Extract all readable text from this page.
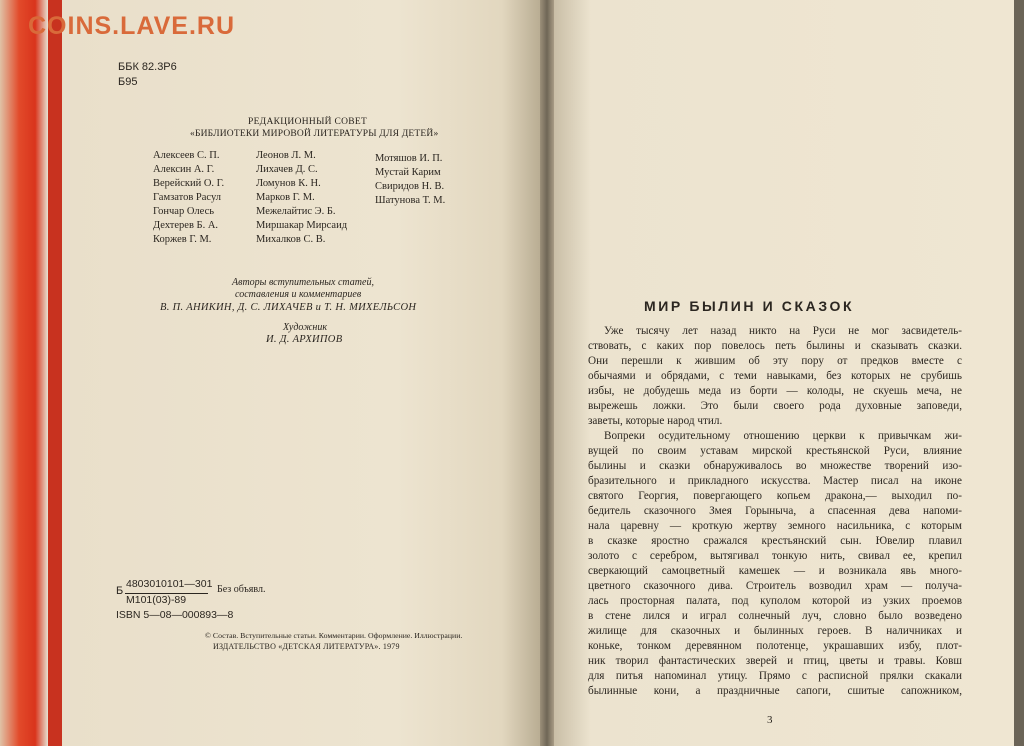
COINS.LAVE.RU
ББК 82.3Р6
Б95
РЕДАКЦИОННЫЙ СОВЕТ
«БИБЛИОТЕКИ МИРОВОЙ ЛИТЕРАТУРЫ ДЛЯ ДЕТЕЙ»
Алексеев С. П.
Алексин А. Г.
Верейский О. Г.
Гамзатов Расул
Гончар Олесь
Дехтерев Б. А.
Коржев Г. М.
Леонов Л. М.
Лихачев Д. С.
Ломунов К. Н.
Марков Г. М.
Межелайтис Э. Б.
Миршакар Мирсаид
Михалков С. В.
Мотяшов И. П.
Мустай Карим
Свиридов Н. В.
Шатунова Т. М.
Авторы вступительных статей,
составления и комментариев
В. П. АНИКИН, Д. С. ЛИХАЧЕВ и Т. Н. МИХЕЛЬСОН
Художник
И. Д. АРХИПОВ
Б
4803010101—301
М101(03)-89
Без объявл.
ISBN 5—08—000893—8
© Состав. Вступительные статьи. Комментарии. Оформление. Иллюстрации.
ИЗДАТЕЛЬСТВО «ДЕТСКАЯ ЛИТЕРАТУРА». 1979
МИР БЫЛИН И СКАЗОК
Уже тысячу лет назад никто на Руси не мог засвидетель-
ствовать, с каких пор повелось петь былины и сказывать сказки.
Они перешли к жившим об эту пору от предков вместе с
обычаями и обрядами, с теми навыками, без которых не срубишь
избы, не добудешь меда из борти — колоды, не скуешь меча, не
вырежешь ложки. Это были своего рода духовные заповеди,
заветы, которые народ чтил.
Вопреки осудительному отношению церкви к привычкам жи-
вущей по своим уставам мирской крестьянской Руси, влияние
былины и сказки обнаруживалось во множестве творений изо-
бразительного и прикладного искусства. Мастер писал на иконе
святого Георгия, повергающего копьем дракона,— выходил по-
бедитель сказочного Змея Горыныча, а спасенная дева напоми-
нала царевну — кроткую жертву земного насильника, с которым
в сказке яростно сражался крестьянский сын. Ювелир плавил
золото с серебром, вытягивал тонкую нить, свивал ее, крепил
сверкающий самоцветный камешек — и возникала явь много-
цветного сказочного дива. Строитель возводил храм — получа-
лась просторная палата, под куполом которой из узких проемов
в стене лился и играл солнечный луч, словно было возведено
жилище для сказочных и былинных героев. В наличниках и
коньке, тонком деревянном полотенце, украшавших избу, плот-
ник творил фантастических зверей и птиц, цветы и травы. Ковш
для питья напоминал утицу. Прямо с расписной прялки скакали
былинные кони, а праздничные сапоги, сшитые сапожником,
3
